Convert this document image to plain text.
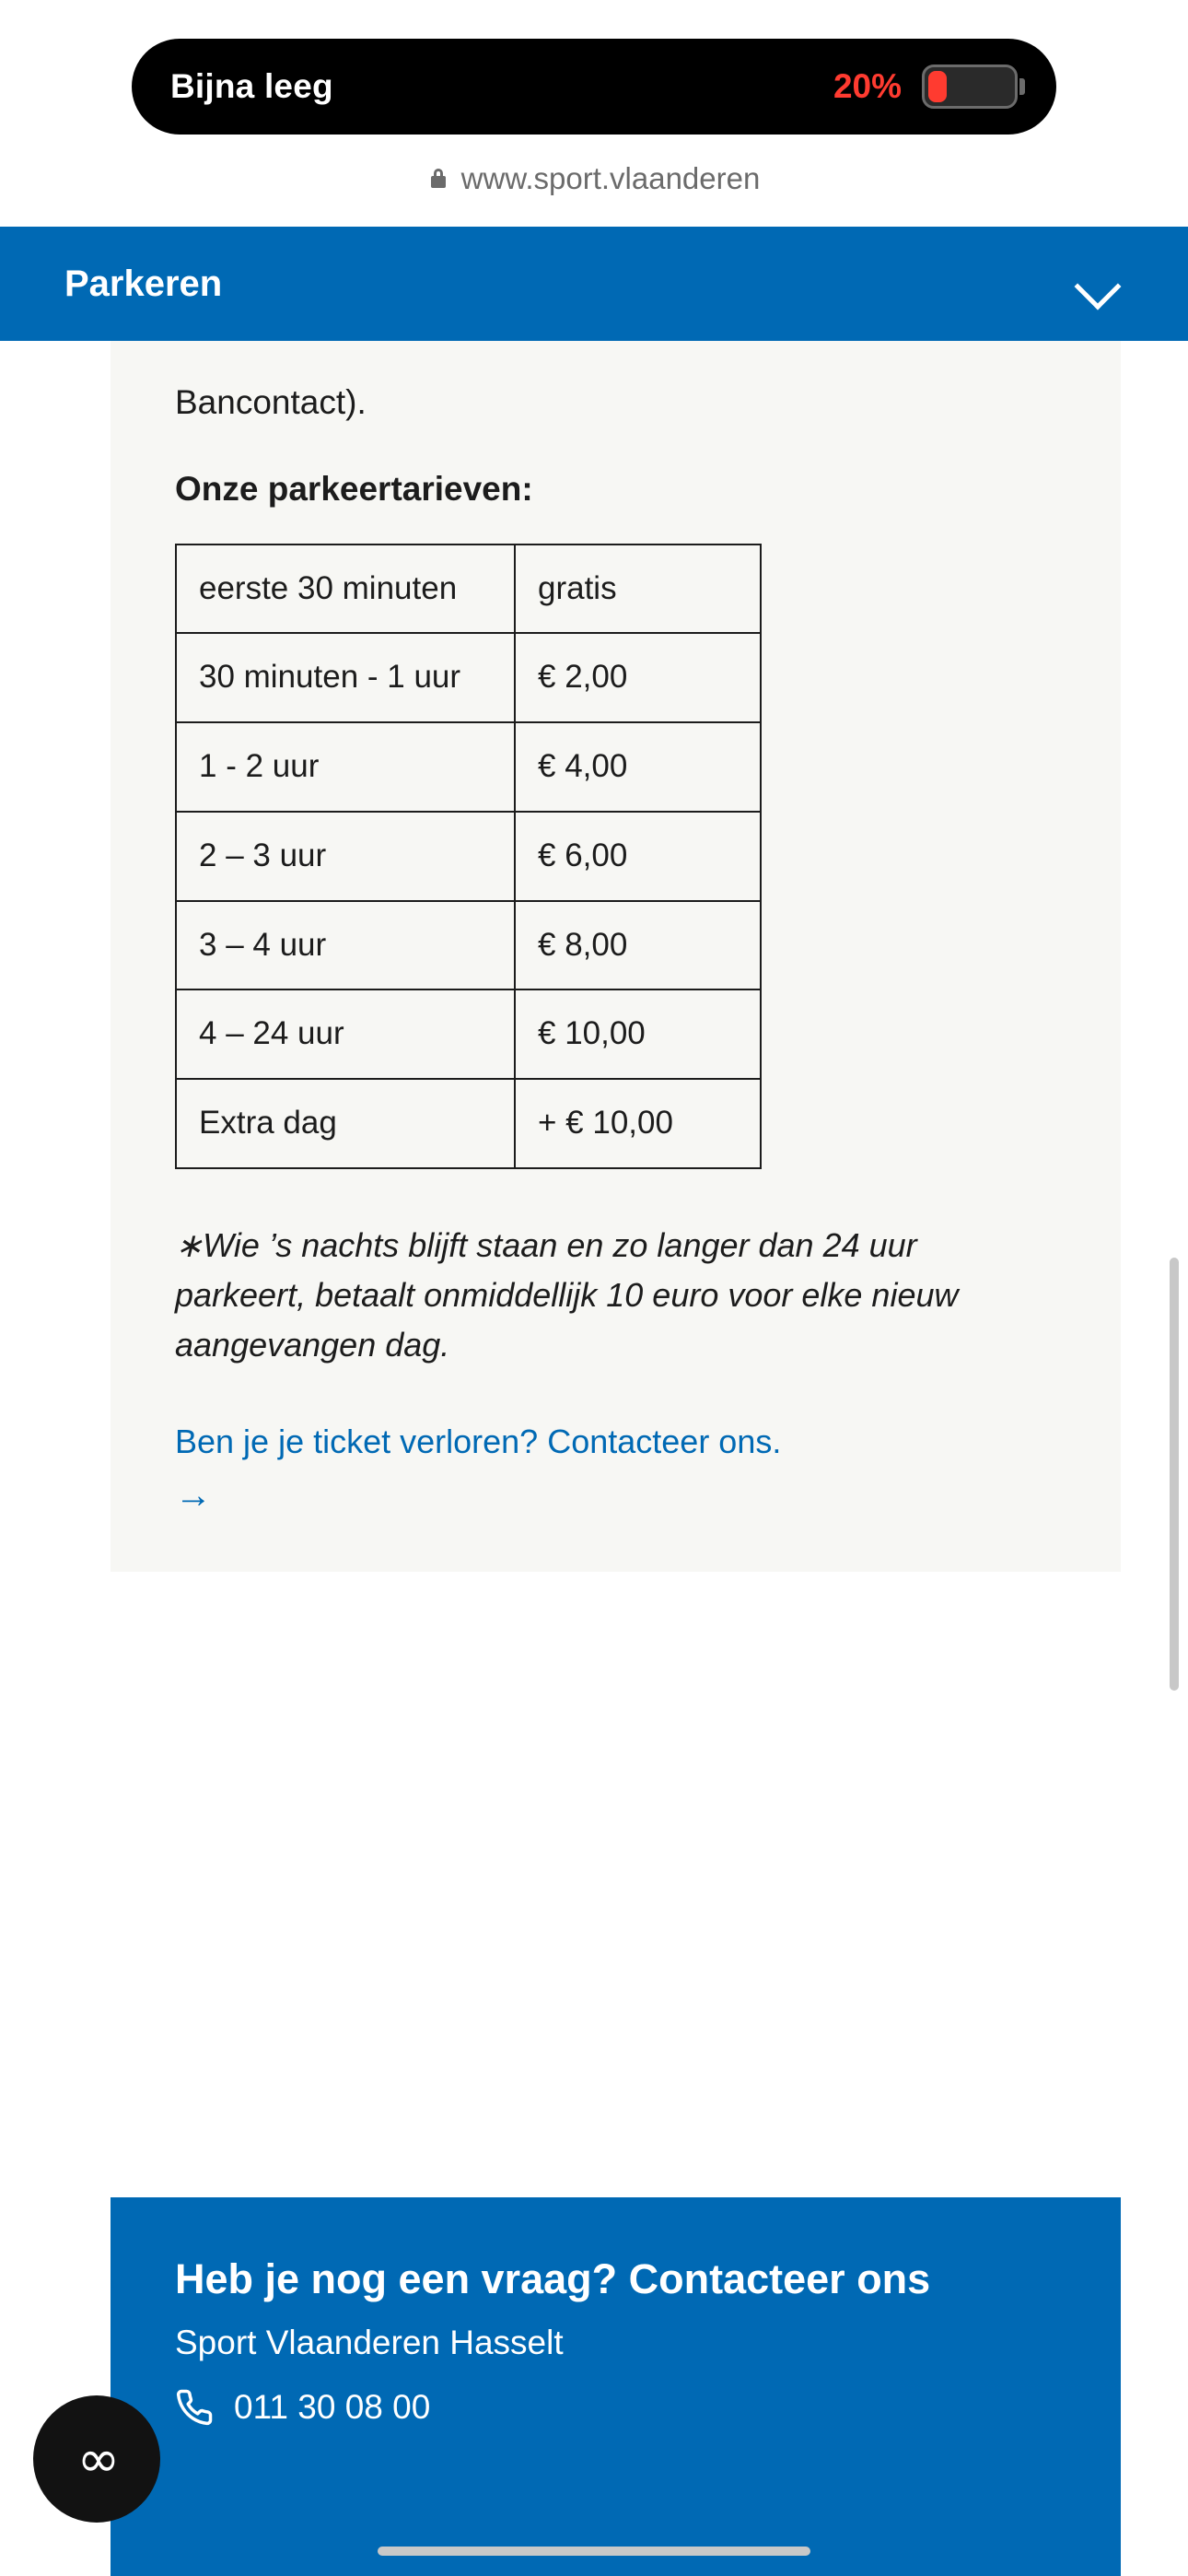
Bijna leeg	20%
www.sport.vlaanderen
Parkeren

Bancontact).

Onze parkeertarieven:

eerste 30 minuten	gratis
30 minuten - 1 uur	€ 2,00
1 - 2 uur	€ 4,00
2 – 3 uur	€ 6,00
3 – 4 uur	€ 8,00
4 – 24 uur	€ 10,00
Extra dag	+ € 10,00

∗Wie ’s nachts blijft staan en zo langer dan 24 uur parkeert, betaalt onmiddellijk 10 euro voor elke nieuw aangevangen dag.

Ben je je ticket verloren? Contacteer ons.
→
Heb je nog een vraag? Contacteer ons
Sport Vlaanderen Hasselt
011 30 08 00
∞
